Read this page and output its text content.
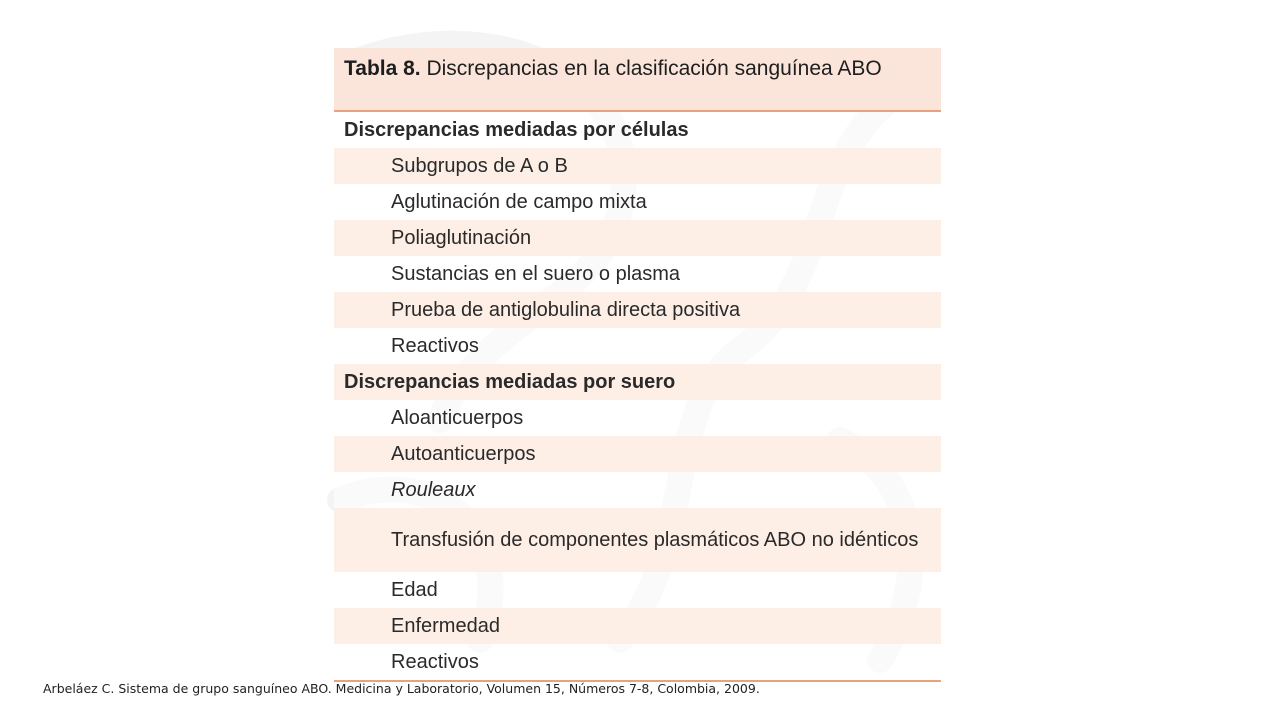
Tabla 8. Discrepancias en la clasificación sanguínea ABO

Discrepancias mediadas por células
Subgrupos de A o B
Aglutinación de campo mixta
Poliaglutinación
Sustancias en el suero o plasma
Prueba de antiglobulina directa positiva
Reactivos
Discrepancias mediadas por suero
Aloanticuerpos
Autoanticuerpos
Rouleaux
Transfusión de componentes plasmáticos ABO no idénticos
Edad
Enfermedad
Reactivos
Arbeláez C. Sistema de grupo sanguíneo ABO. Medicina y Laboratorio, Volumen 15, Números 7-8, Colombia, 2009.
